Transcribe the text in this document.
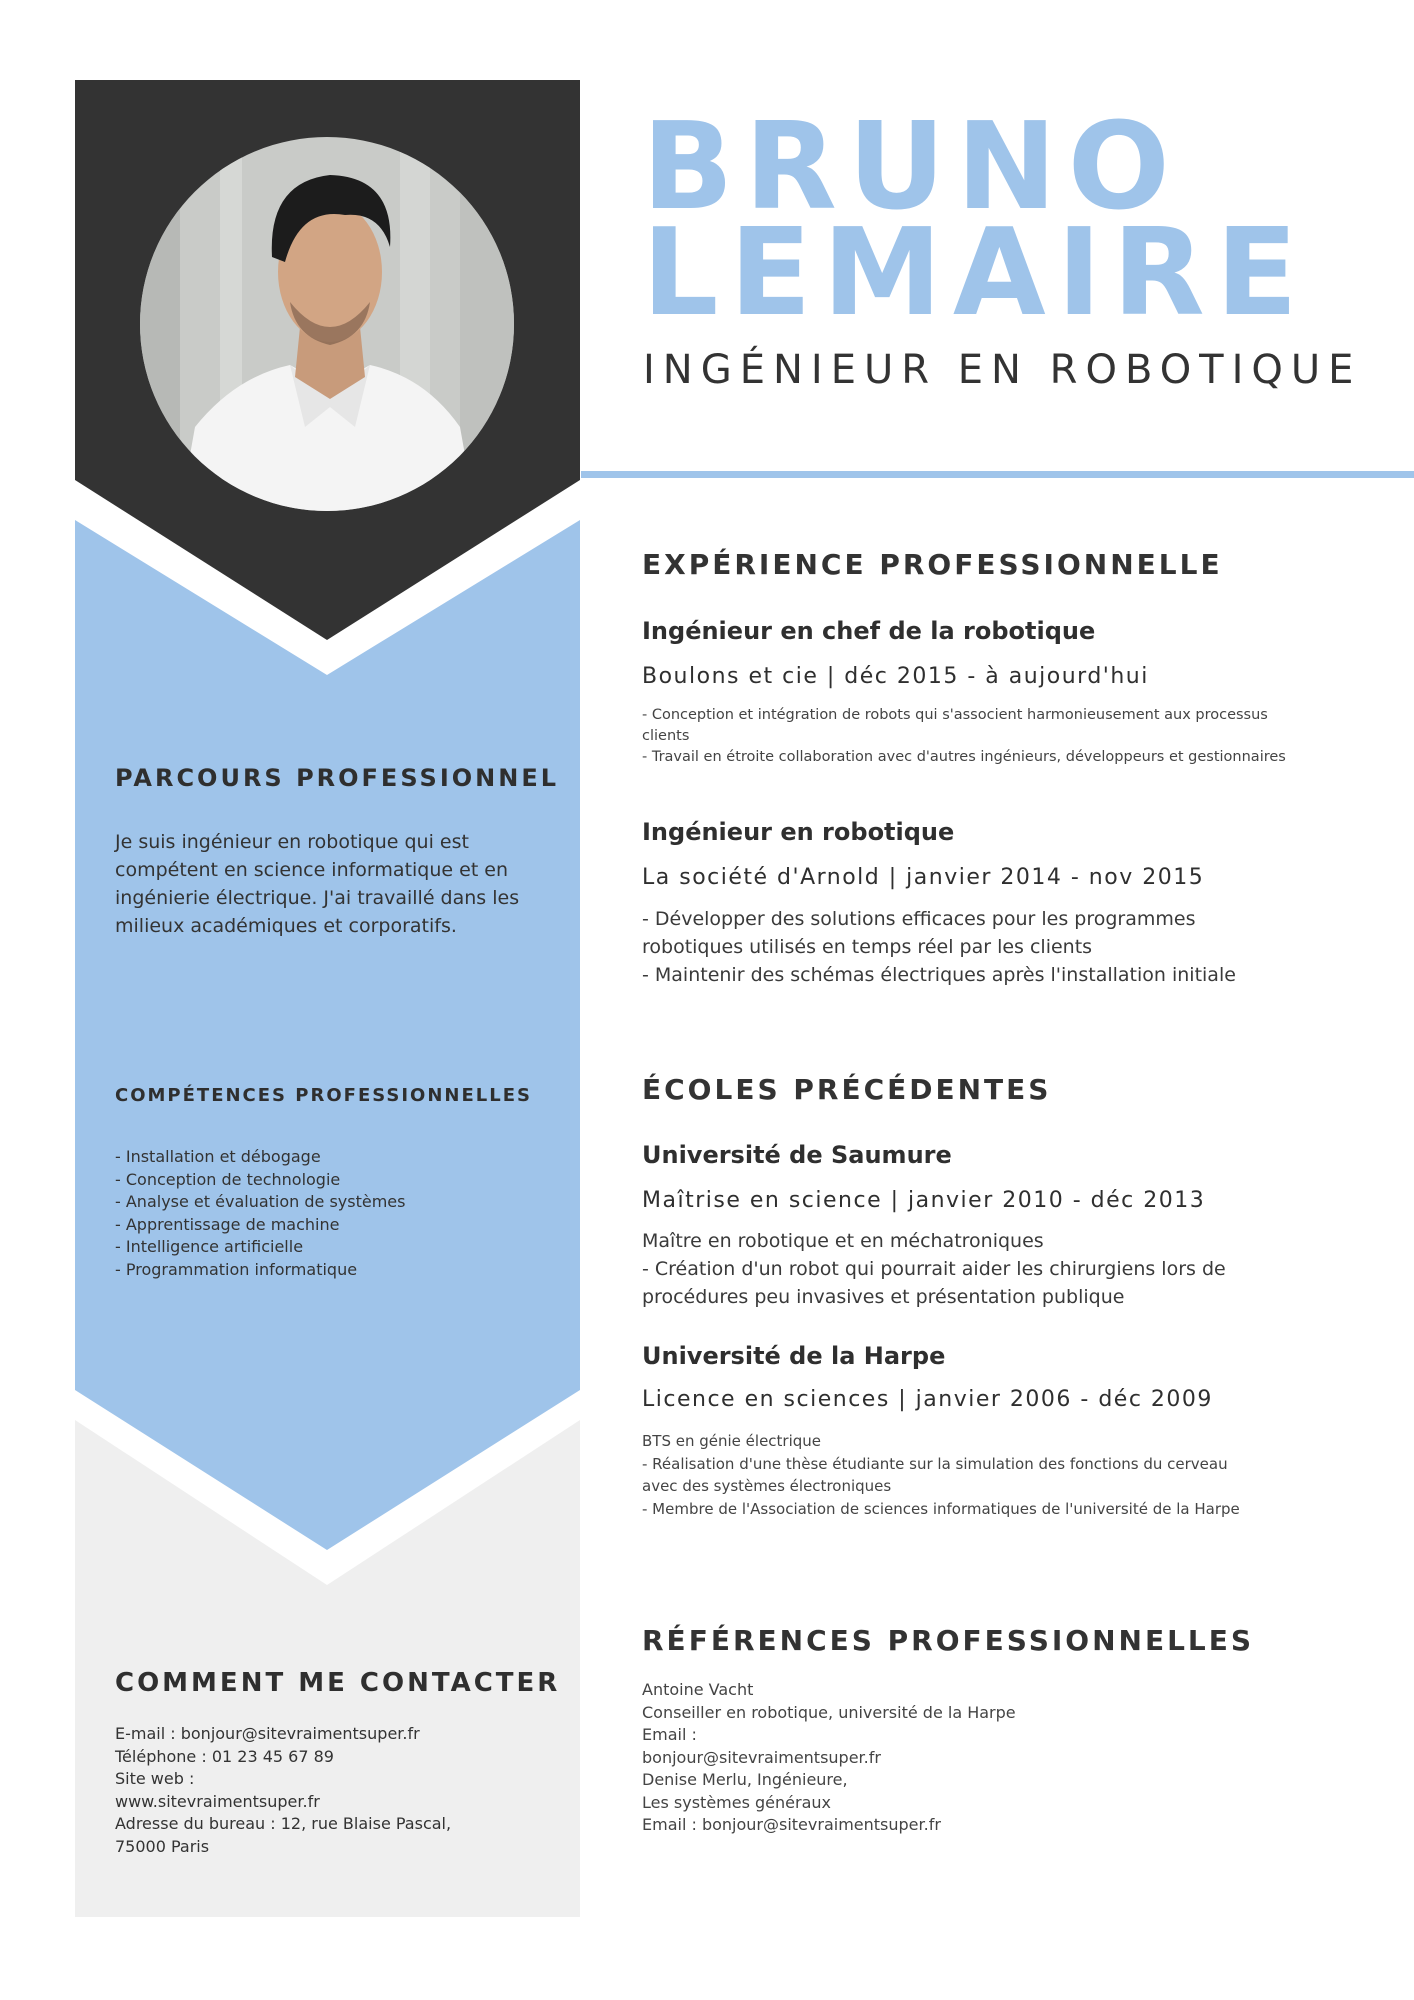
BRUNO
LEMAIRE
INGÉNIEUR EN ROBOTIQUE
PARCOURS PROFESSIONNEL
Je suis ingénieur en robotique qui est compétent en science informatique et en ingénierie électrique. J'ai travaillé dans les milieux académiques et corporatifs.
COMPÉTENCES PROFESSIONNELLES
- Installation et débogage
- Conception de technologie
- Analyse et évaluation de systèmes
- Apprentissage de machine
- Intelligence artificielle
- Programmation informatique
COMMENT ME CONTACTER
E-mail : bonjour@sitevraimentsuper.fr
Téléphone : 01 23 45 67 89
Site web :
www.sitevraimentsuper.fr
Adresse du bureau : 12, rue Blaise Pascal,
75000 Paris
EXPÉRIENCE PROFESSIONNELLE
Ingénieur en chef de la robotique
Boulons et cie | déc 2015 - à aujourd'hui
- Conception et intégration de robots qui s'associent harmonieusement aux processus
clients
- Travail en étroite collaboration avec d'autres ingénieurs, développeurs et gestionnaires
Ingénieur en robotique
La société d'Arnold | janvier 2014 - nov 2015
- Développer des solutions efficaces pour les programmes
robotiques utilisés en temps réel par les clients
- Maintenir des schémas électriques après l'installation initiale
ÉCOLES PRÉCÉDENTES
Université de Saumure
Maîtrise en science | janvier 2010 - déc 2013
Maître en robotique et en méchatroniques
- Création d'un robot qui pourrait aider les chirurgiens lors de
procédures peu invasives et présentation publique
Université de la Harpe
Licence en sciences | janvier 2006 - déc 2009
BTS en génie électrique
- Réalisation d'une thèse étudiante sur la simulation des fonctions du cerveau
avec des systèmes électroniques
- Membre de l'Association de sciences informatiques de l'université de la Harpe
RÉFÉRENCES PROFESSIONNELLES
Antoine Vacht
Conseiller en robotique, université de la Harpe
Email :
bonjour@sitevraimentsuper.fr
Denise Merlu, Ingénieure,
Les systèmes généraux
Email : bonjour@sitevraimentsuper.fr
